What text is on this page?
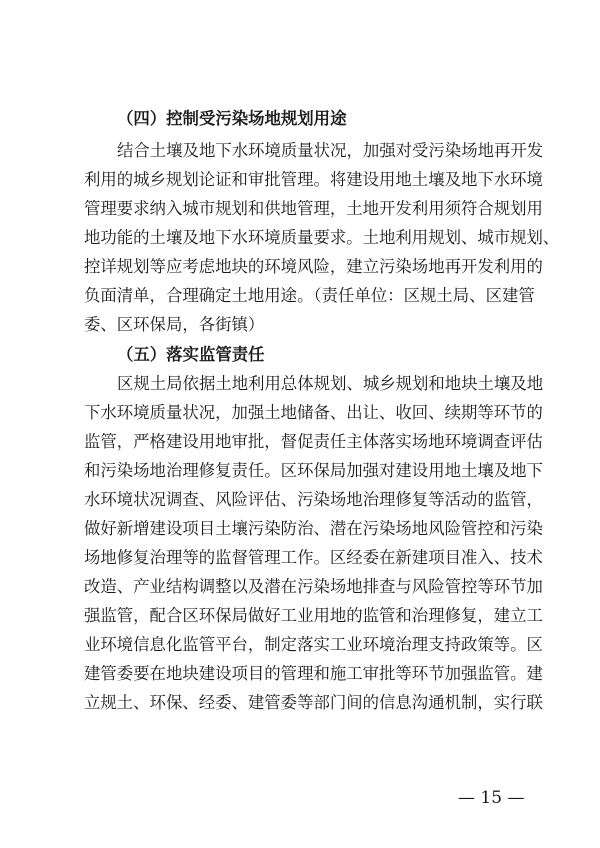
（四）控制受污染场地规划用途
结合土壤及地下水环境质量状况，加强对受污染场地再开发
利用的城乡规划论证和审批管理。将建设用地土壤及地下水环境
管理要求纳入城市规划和供地管理，土地开发利用须符合规划用
地功能的土壤及地下水环境质量要求。土地利用规划、城市规划、
控详规划等应考虑地块的环境风险，建立污染场地再开发利用的
负面清单，合理确定土地用途。（责任单位：区规土局、区建管
委、区环保局，各街镇）
（五）落实监管责任
区规土局依据土地利用总体规划、城乡规划和地块土壤及地
下水环境质量状况，加强土地储备、出让、收回、续期等环节的
监管，严格建设用地审批，督促责任主体落实场地环境调查评估
和污染场地治理修复责任。区环保局加强对建设用地土壤及地下
水环境状况调查、风险评估、污染场地治理修复等活动的监管，
做好新增建设项目土壤污染防治、潜在污染场地风险管控和污染
场地修复治理等的监督管理工作。区经委在新建项目准入、技术
改造、产业结构调整以及潜在污染场地排查与风险管控等环节加
强监管，配合区环保局做好工业用地的监管和治理修复，建立工
业环境信息化监管平台，制定落实工业环境治理支持政策等。区
建管委要在地块建设项目的管理和施工审批等环节加强监管。建
立规土、环保、经委、建管委等部门间的信息沟通机制，实行联
— 15 —
